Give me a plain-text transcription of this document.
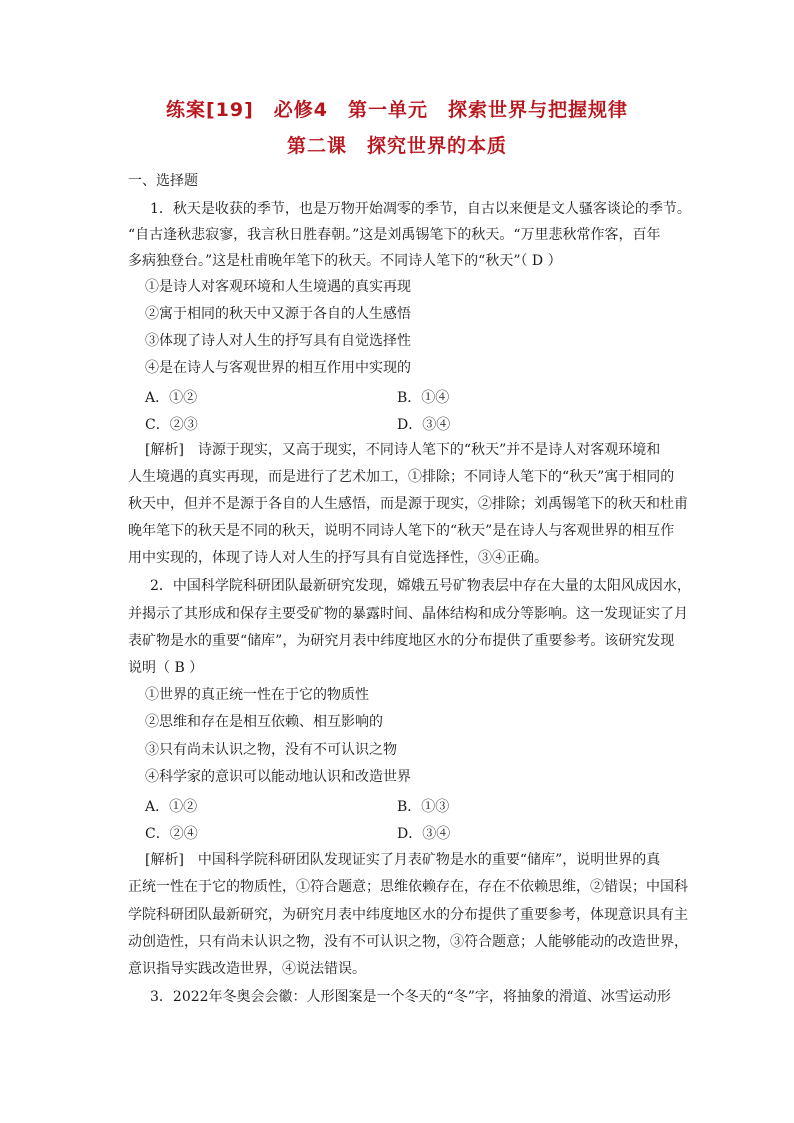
练案[19]　必修4　第一单元　探索世界与把握规律
第二课　探究世界的本质
一、选择题
1．秋天是收获的季节，也是万物开始凋零的季节，自古以来便是文人骚客谈论的季节。
“自古逢秋悲寂寥，我言秋日胜春朝。”这是刘禹锡笔下的秋天。“万里悲秋常作客，百年
多病独登台。”这是杜甫晚年笔下的秋天。不同诗人笔下的“秋天”（ D ）
①是诗人对客观环境和人生境遇的真实再现
②寓于相同的秋天中又源于各自的人生感悟
③体现了诗人对人生的抒写具有自觉选择性
④是在诗人与客观世界的相互作用中实现的
A．①②	B．①④
C．②③	D．③④
[解析]　诗源于现实，又高于现实，不同诗人笔下的“秋天”并不是诗人对客观环境和
人生境遇的真实再现，而是进行了艺术加工，①排除；不同诗人笔下的“秋天”寓于相同的
秋天中，但并不是源于各自的人生感悟，而是源于现实，②排除；刘禹锡笔下的秋天和杜甫
晚年笔下的秋天是不同的秋天，说明不同诗人笔下的“秋天”是在诗人与客观世界的相互作
用中实现的，体现了诗人对人生的抒写具有自觉选择性，③④正确。
2．中国科学院科研团队最新研究发现，嫦娥五号矿物表层中存在大量的太阳风成因水，
并揭示了其形成和保存主要受矿物的暴露时间、晶体结构和成分等影响。这一发现证实了月
表矿物是水的重要“储库”，为研究月表中纬度地区水的分布提供了重要参考。该研究发现
说明（ B ）
①世界的真正统一性在于它的物质性
②思维和存在是相互依赖、相互影响的
③只有尚未认识之物，没有不可认识之物
④科学家的意识可以能动地认识和改造世界
A．①②	B．①③
C．②④	D．③④
[解析]　中国科学院科研团队发现证实了月表矿物是水的重要“储库”，说明世界的真
正统一性在于它的物质性，①符合题意；思维依赖存在，存在不依赖思维，②错误；中国科
学院科研团队最新研究，为研究月表中纬度地区水的分布提供了重要参考，体现意识具有主
动创造性，只有尚未认识之物，没有不可认识之物，③符合题意；人能够能动的改造世界，
意识指导实践改造世界，④说法错误。
3．2022年冬奥会会徽：人形图案是一个冬天的“冬”字，将抽象的滑道、冰雪运动形
